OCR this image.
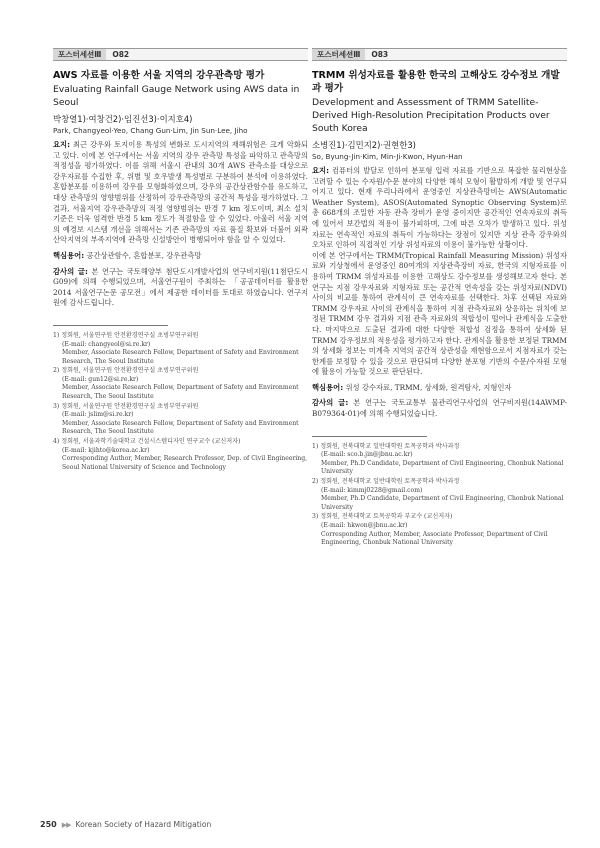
포스터세션Ⅲ	O82
AWS 자료를 이용한 서울 지역의 강우관측망 평가
Evaluating Rainfall Gauge Network using AWS data in Seoul
박창열1)·여창건2)·임진선3)·이지호4)
Park, Changyeol·Yeo, Chang Gun·Lim, Jin Sun·Lee, Jiho
요지: 최근 강우와 토지이용 특성의 변화로 도시지역의 재해위험은 크게 악화되고 있다. 이에 본 연구에서는 서울 지역의 강우 관측망 특성을 파악하고 관측망의 적정성을 평가하였다. 이를 위해 서울시 관내의 30개 AWS 관측소를 대상으로 강우자료를 수집한 후, 위별 및 호우발생 특성별로 구분하여 분석에 이용하였다. 혼합분포를 이용하여 강우를 모형화하였으며, 강우의 공간상관함수를 유도하고, 대상 관측망의 영향범위를 산정하여 강우관측망의 공간적 특성을 평가하였다. 그 결과, 서울지역 강우관측망의 적정 영향범위는 반경 7 km 정도이며, 최소 설치기준은 더욱 엄격한 반경 5 km 정도가 적절함을 알 수 있었다. 아울러 서울 지역의 예경보 시스템 개선을 위해서는 기존 관측망의 자료 품질 확보와 더불어 외곽 산악지역의 부족지역에 관측망 신설방안이 병행되어야 함을 알 수 있었다.
핵심용어: 공간상관함수, 혼합분포, 강우관측망
감사의 글: 본 연구는 국토해양부 첨단도시개발사업의 연구비지원(11첨단도시G09)에 의해 수행되었으며, 서울연구원이 주최하는 「공공데이터를 활용한 2014 서울연구논문 공모전」에서 제공한 데이터를 토대로 하였습니다. 연구지원에 감사드립니다.
1) 정회원, 서울연구원 안전환경연구실 초빙부연구위원
(E-mail: changyeol@si.re.kr)
Member, Associate Research Fellow, Department of Safety and Environment Research, The Seoul Institute
2) 정회원, 서울연구원 안전환경연구실 초빙부연구위원
(E-mail: gun12@si.re.kr)
Member, Associate Research Fellow, Department of Safety and Environment Research, The Seoul Institute
3) 정회원, 서울연구원 안전환경연구실 초빙부연구위원
(E-mail: jslim@si.re.kr)
Member, Associate Research Fellow, Department of Safety and Environment Research, The Seoul Institute
4) 정회원, 서울과학기술대학교 건설시스템디자인 연구교수 (교신저자)
(E-mail: kjihto@korea.ac.kr)
Corresponding Author, Member, Research Professor, Dep. of Civil Engineering, Seoul National University of Science and Technology
포스터세션Ⅲ	O83
TRMM 위성자료를 활용한 한국의 고해상도 강수정보 개발과 평가
Development and Assessment of TRMM Satellite-Derived High-Resolution Precipitation Products over South Korea
소병진1)·김민지2)·권현한3)
So, Byung-Jin·Kim, Min-Ji·Kwon, Hyun-Han
요지: 컴퓨터의 발달로 인하여 분포형 입력 자료를 기반으로 복잡한 물리현상을 고려할 수 있는 수자원/수문 분야의 다양한 해석 모형이 활발하게 개발 및 연구되어지고 있다. 현재 우리나라에서 운영중인 지상관측망비는 AWS(Automatic Weather System), ASOS(Automated Synoptic Observing System)로 총 668개의 조밀한 자동 관측 장비가 운영 중이지만 공간적인 연속자료의 취득에 있어서 보간법의 적용이 불가피하며, 그에 따른 오차가 발생하고 있다. 위성 자료는 연속적인 자료의 취득이 가능하다는 장점이 있지만 지상 관측 강우와의 오차로 인하여 직접적인 기상 위성자료의 이용이 불가능한 상황이다.
이에 본 연구에서는 TRMM(Tropical Rainfall Measuring Mission) 위성자료와 기상청에서 운영중인 80여개의 지상관측장비 자료, 한국의 지형자료를 이용하여 TRMM 위성자료를 이용한 고해상도 강수정보를 생성해보고자 한다. 본 연구는 지점 강우자료와 지형자료 또는 공간적 연속성을 갖는 위성자료(NDVI) 사이의 비교를 통하여 관계식이 큰 연속자료를 선택한다. 차후 선택된 자료와 TRMM 강우자료 사이의 관계식을 통하여 지점 관측자료와 상응하는 위치에 보정된 TRMM 강우 결과와 지점 관측 자료와의 적합성이 떨어나 관계식을 도출한다. 마지막으로 도출된 결과에 대한 다양한 적합성 검정을 통하여 상세화 된 TRMM 강우정보의 적용성을 평가하고자 한다. 관계식을 활용한 보정된 TRMM의 상세화 정보는 미계측 지역의 공간적 상관성을 재현함으로서 지점자료가 갖는 한계를 보정할 수 있을 것으로 판단되며 다양한 분포형 기반의 수문/수자원 모형에 활용이 가능할 것으로 판단된다.
핵심용어: 위성 강수자료, TRMM, 상세화, 원격탐사, 지형인자
감사의 글: 본 연구는 국토교통부 물관리연구사업의 연구비지원(14AWMP-B079364-01)에 의해 수행되었습니다.
1) 정회원, 전북대학교 일반대학원 토목공학과 박사과정
(E-mail: sco.b.jin@jbnu.ac.kr)
Member, Ph.D Candidate, Department of Civil Engineering, Chonbuk National University
2) 정회원, 전북대학교 일반대학원 토목공학과 박사과정
(E-mail: kimmj0228@gmail.com)
Member, Ph.D Candidate, Department of Civil Engineering, Chonbuk National University
3) 정회원, 전북대학교 토목공학과 부교수 (교신저자)
(E-mail: hkwon@jbnu.ac.kr)
Corresponding Author, Member, Associate Professor, Department of Civil Engineering, Chonbuk National University
250 ▶▶ Korean Society of Hazard Mitigation
